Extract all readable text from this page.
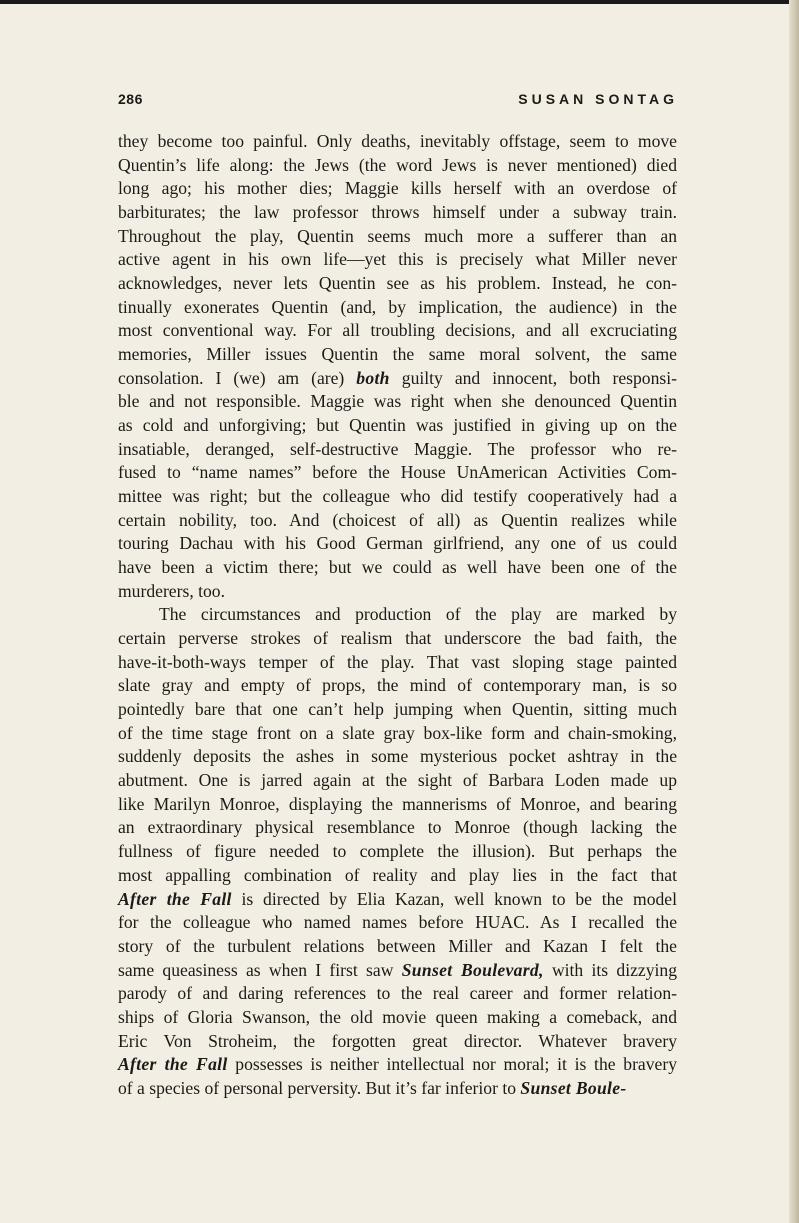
286	SUSAN SONTAG

they become too painful. Only deaths, inevitably offstage, seem to move
Quentin’s life along: the Jews (the word Jews is never mentioned) died
long ago; his mother dies; Maggie kills herself with an overdose of
barbiturates; the law professor throws himself under a subway train.
Throughout the play, Quentin seems much more a sufferer than an
active agent in his own life—yet this is precisely what Miller never
acknowledges, never lets Quentin see as his problem. Instead, he con-
tinually exonerates Quentin (and, by implication, the audience) in the
most conventional way. For all troubling decisions, and all excruciating
memories, Miller issues Quentin the same moral solvent, the same
consolation. I (we) am (are) both guilty and innocent, both responsi-
ble and not responsible. Maggie was right when she denounced Quentin
as cold and unforgiving; but Quentin was justified in giving up on the
insatiable, deranged, self-destructive Maggie. The professor who re-
fused to “name names” before the House UnAmerican Activities Com-
mittee was right; but the colleague who did testify cooperatively had a
certain nobility, too. And (choicest of all) as Quentin realizes while
touring Dachau with his Good German girlfriend, any one of us could
have been a victim there; but we could as well have been one of the
murderers, too.

The circumstances and production of the play are marked by
certain perverse strokes of realism that underscore the bad faith, the
have-it-both-ways temper of the play. That vast sloping stage painted
slate gray and empty of props, the mind of contemporary man, is so
pointedly bare that one can’t help jumping when Quentin, sitting much
of the time stage front on a slate gray box-like form and chain-smoking,
suddenly deposits the ashes in some mysterious pocket ashtray in the
abutment. One is jarred again at the sight of Barbara Loden made up
like Marilyn Monroe, displaying the mannerisms of Monroe, and bearing
an extraordinary physical resemblance to Monroe (though lacking the
fullness of figure needed to complete the illusion). But perhaps the
most appalling combination of reality and play lies in the fact that
After the Fall is directed by Elia Kazan, well known to be the model
for the colleague who named names before HUAC. As I recalled the
story of the turbulent relations between Miller and Kazan I felt the
same queasiness as when I first saw Sunset Boulevard, with its dizzying
parody of and daring references to the real career and former relation-
ships of Gloria Swanson, the old movie queen making a comeback, and
Eric Von Stroheim, the forgotten great director. Whatever bravery
After the Fall possesses is neither intellectual nor moral; it is the bravery
of a species of personal perversity. But it’s far inferior to Sunset Boule-
